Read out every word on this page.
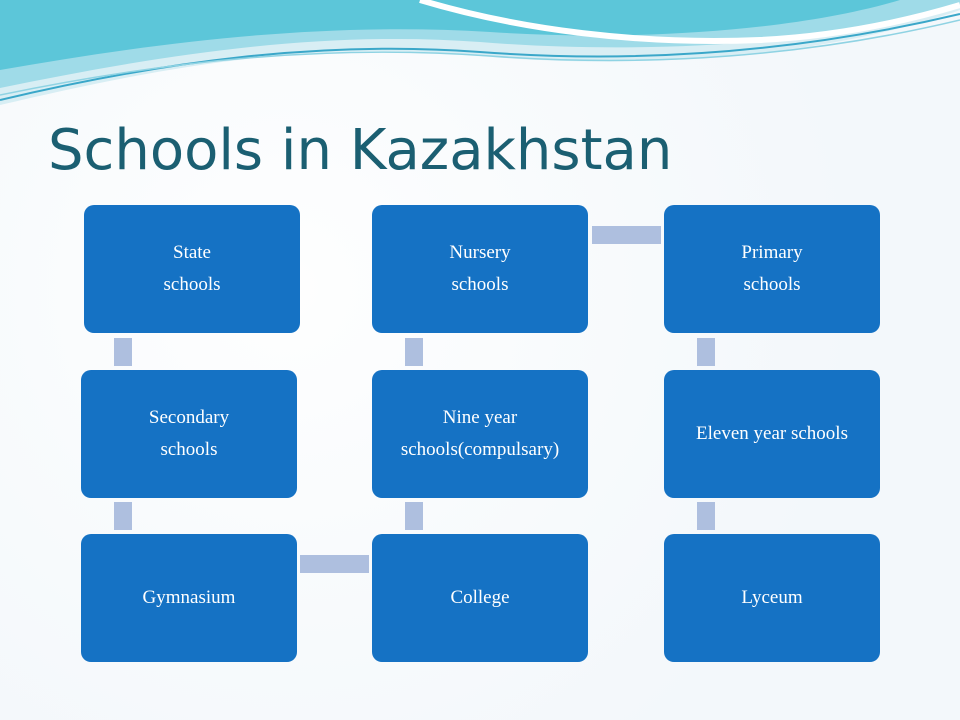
Schools in Kazakhstan
State
schools
Nursery
schools
Primary
schools
Secondary
schools
Nine year
schools(compulsary)
Eleven year schools
Gymnasium	College	Lyceum
